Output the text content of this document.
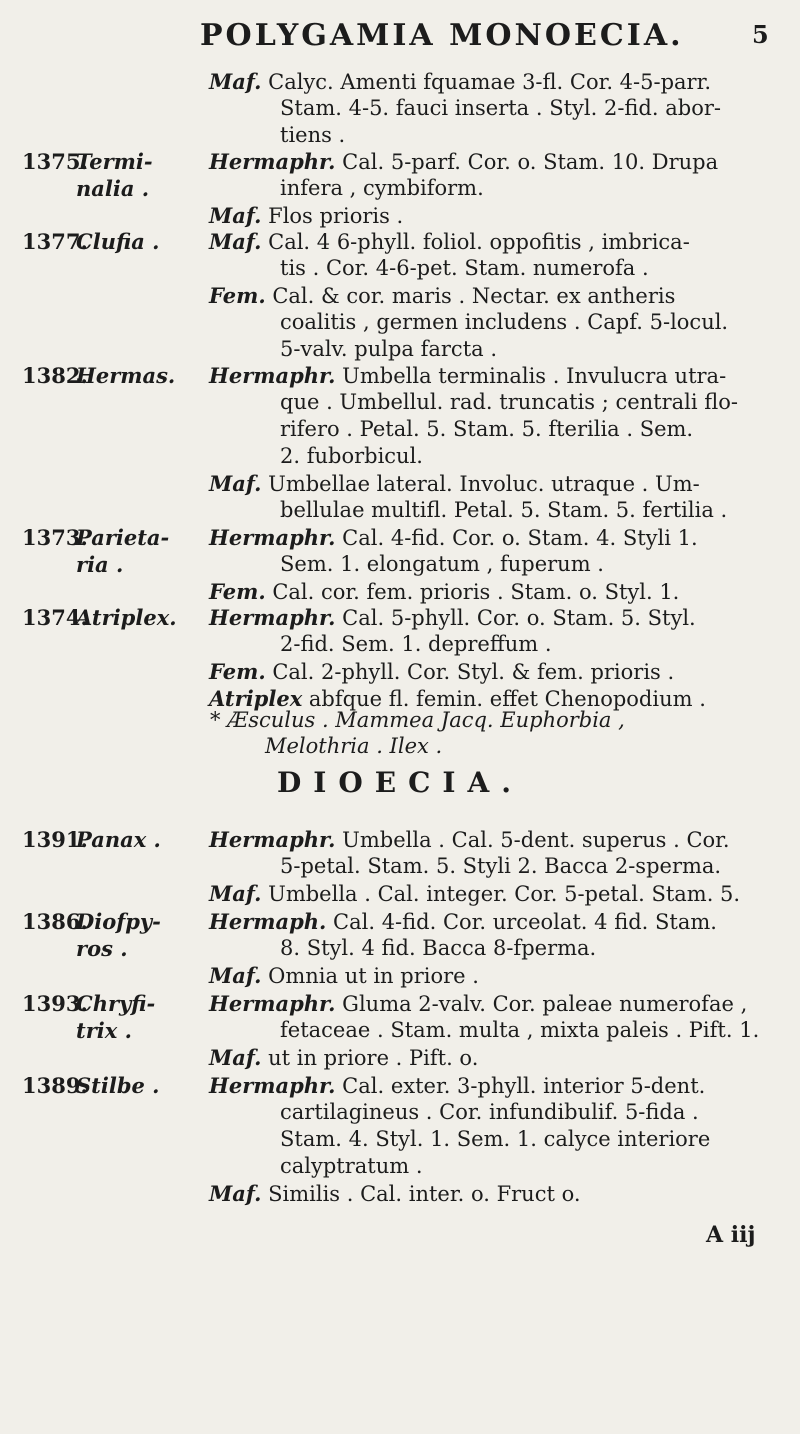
POLYGAMIA MONOECIA.	5
Maf. Calyc. Amenti fquamae 3-fl. Cor. 4-5-parr.
Stam. 4-5. fauci inserta . Styl. 2-fid. abor-
tiens .
1375.
Termi-
nalia .
Hermaphr. Cal. 5-parf. Cor. o. Stam. 10. Drupa
infera , cymbiform.
Maf. Flos prioris .
1377.
Clufia . Maf. Cal. 4 6-phyll. foliol. oppofitis , imbrica-
tis . Cor. 4-6-pet. Stam. numerofa .
Fem. Cal. & cor. maris . Nectar. ex antheris
coalitis , germen includens . Capf. 5-locul.
5-valv. pulpa farcta .
1382.
Hermas. Hermaphr. Umbella terminalis . Invulucra utra-
que . Umbellul. rad. truncatis ; centrali flo-
rifero . Petal. 5. Stam. 5. fterilia . Sem.
2. fuborbicul.
Maf. Umbellae lateral. Involuc. utraque . Um-
bellulae multifl. Petal. 5. Stam. 5. fertilia .
1373.
Parieta-
ria .
Hermaphr. Cal. 4-fid. Cor. o. Stam. 4. Styli 1.
Sem. 1. elongatum , fuperum .
Fem. Cal. cor. fem. prioris . Stam. o. Styl. 1.
1374.
Atriplex. Hermaphr. Cal. 5-phyll. Cor. o. Stam. 5. Styl.
2-fid. Sem. 1. depreffum .
Fem. Cal. 2-phyll. Cor. Styl. & fem. prioris .
Atriplex abfque fl. femin. effet Chenopodium .
* Æsculus . Mammea Jacq. Euphorbia ,
Melothria . Ilex .
DIOECIA.
1391.
Panax . Hermaphr. Umbella . Cal. 5-dent. superus . Cor.
5-petal. Stam. 5. Styli 2. Bacca 2-sperma.
Maf. Umbella . Cal. integer. Cor. 5-petal. Stam. 5.
1386.
Diofpy-
ros .
Hermaph. Cal. 4-fid. Cor. urceolat. 4 fid. Stam.
8. Styl. 4 fid. Bacca 8-fperma.
Maf. Omnia ut in priore .
1393.
Chryfi-
trix .
Hermaphr. Gluma 2-valv. Cor. paleae numerofae ,
fetaceae . Stam. multa , mixta paleis . Pift. 1.
Maf. ut in priore . Pift. o.
1389.
Stilbe . Hermaphr. Cal. exter. 3-phyll. interior 5-dent.
cartilagineus . Cor. infundibulif. 5-fida .
Stam. 4. Styl. 1. Sem. 1. calyce interiore
calyptratum .
Maf. Similis . Cal. inter. o. Fruct o.
A iij
